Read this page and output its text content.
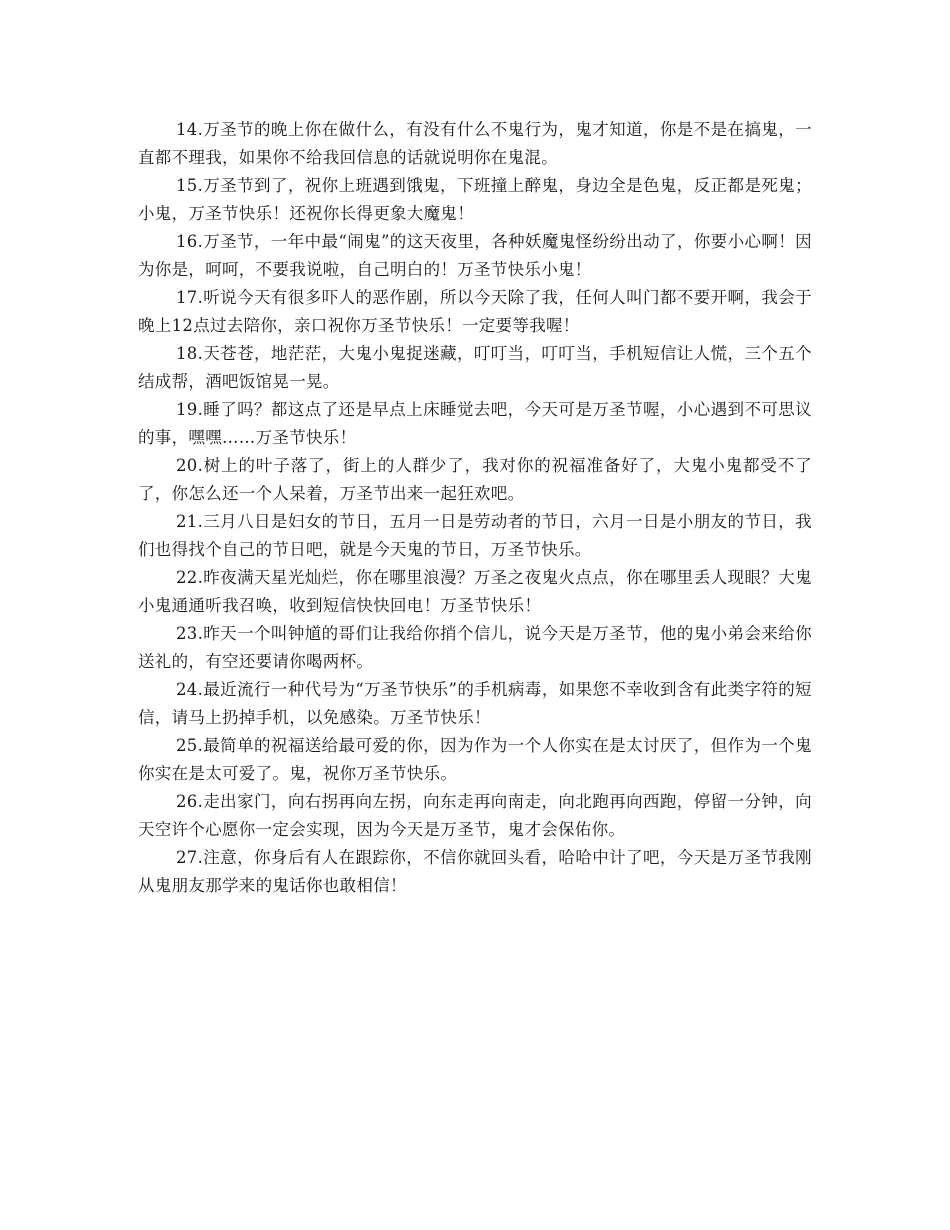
14.万圣节的晚上你在做什么，有没有什么不鬼行为，鬼才知道，你是不是在搞鬼，一直都不理我，如果你不给我回信息的话就说明你在鬼混。

15.万圣节到了，祝你上班遇到饿鬼，下班撞上醉鬼，身边全是色鬼，反正都是死鬼；小鬼，万圣节快乐！还祝你长得更象大魔鬼！

16.万圣节，一年中最“闹鬼”的这天夜里，各种妖魔鬼怪纷纷出动了，你要小心啊！因为你是，呵呵，不要我说啦，自己明白的！万圣节快乐小鬼！

17.听说今天有很多吓人的恶作剧，所以今天除了我，任何人叫门都不要开啊，我会于晚上12点过去陪你，亲口祝你万圣节快乐！一定要等我喔！

18.天苍苍，地茫茫，大鬼小鬼捉迷藏，叮叮当，叮叮当，手机短信让人慌，三个五个结成帮，酒吧饭馆晃一晃。

19.睡了吗？都这点了还是早点上床睡觉去吧，今天可是万圣节喔，小心遇到不可思议的事，嘿嘿……万圣节快乐！

20.树上的叶子落了，街上的人群少了，我对你的祝福准备好了，大鬼小鬼都受不了了，你怎么还一个人呆着，万圣节出来一起狂欢吧。

21.三月八日是妇女的节日，五月一日是劳动者的节日，六月一日是小朋友的节日，我们也得找个自己的节日吧，就是今天鬼的节日，万圣节快乐。

22.昨夜满天星光灿烂，你在哪里浪漫？万圣之夜鬼火点点，你在哪里丢人现眼？大鬼小鬼通通听我召唤，收到短信快快回电！万圣节快乐！

23.昨天一个叫钟馗的哥们让我给你捎个信儿，说今天是万圣节，他的鬼小弟会来给你送礼的，有空还要请你喝两杯。

24.最近流行一种代号为“万圣节快乐”的手机病毒，如果您不幸收到含有此类字符的短信，请马上扔掉手机，以免感染。万圣节快乐！

25.最简单的祝福送给最可爱的你，因为作为一个人你实在是太讨厌了，但作为一个鬼你实在是太可爱了。鬼，祝你万圣节快乐。

26.走出家门，向右拐再向左拐，向东走再向南走，向北跑再向西跑，停留一分钟，向天空许个心愿你一定会实现，因为今天是万圣节，鬼才会保佑你。

27.注意，你身后有人在跟踪你，不信你就回头看，哈哈中计了吧，今天是万圣节我刚从鬼朋友那学来的鬼话你也敢相信！
